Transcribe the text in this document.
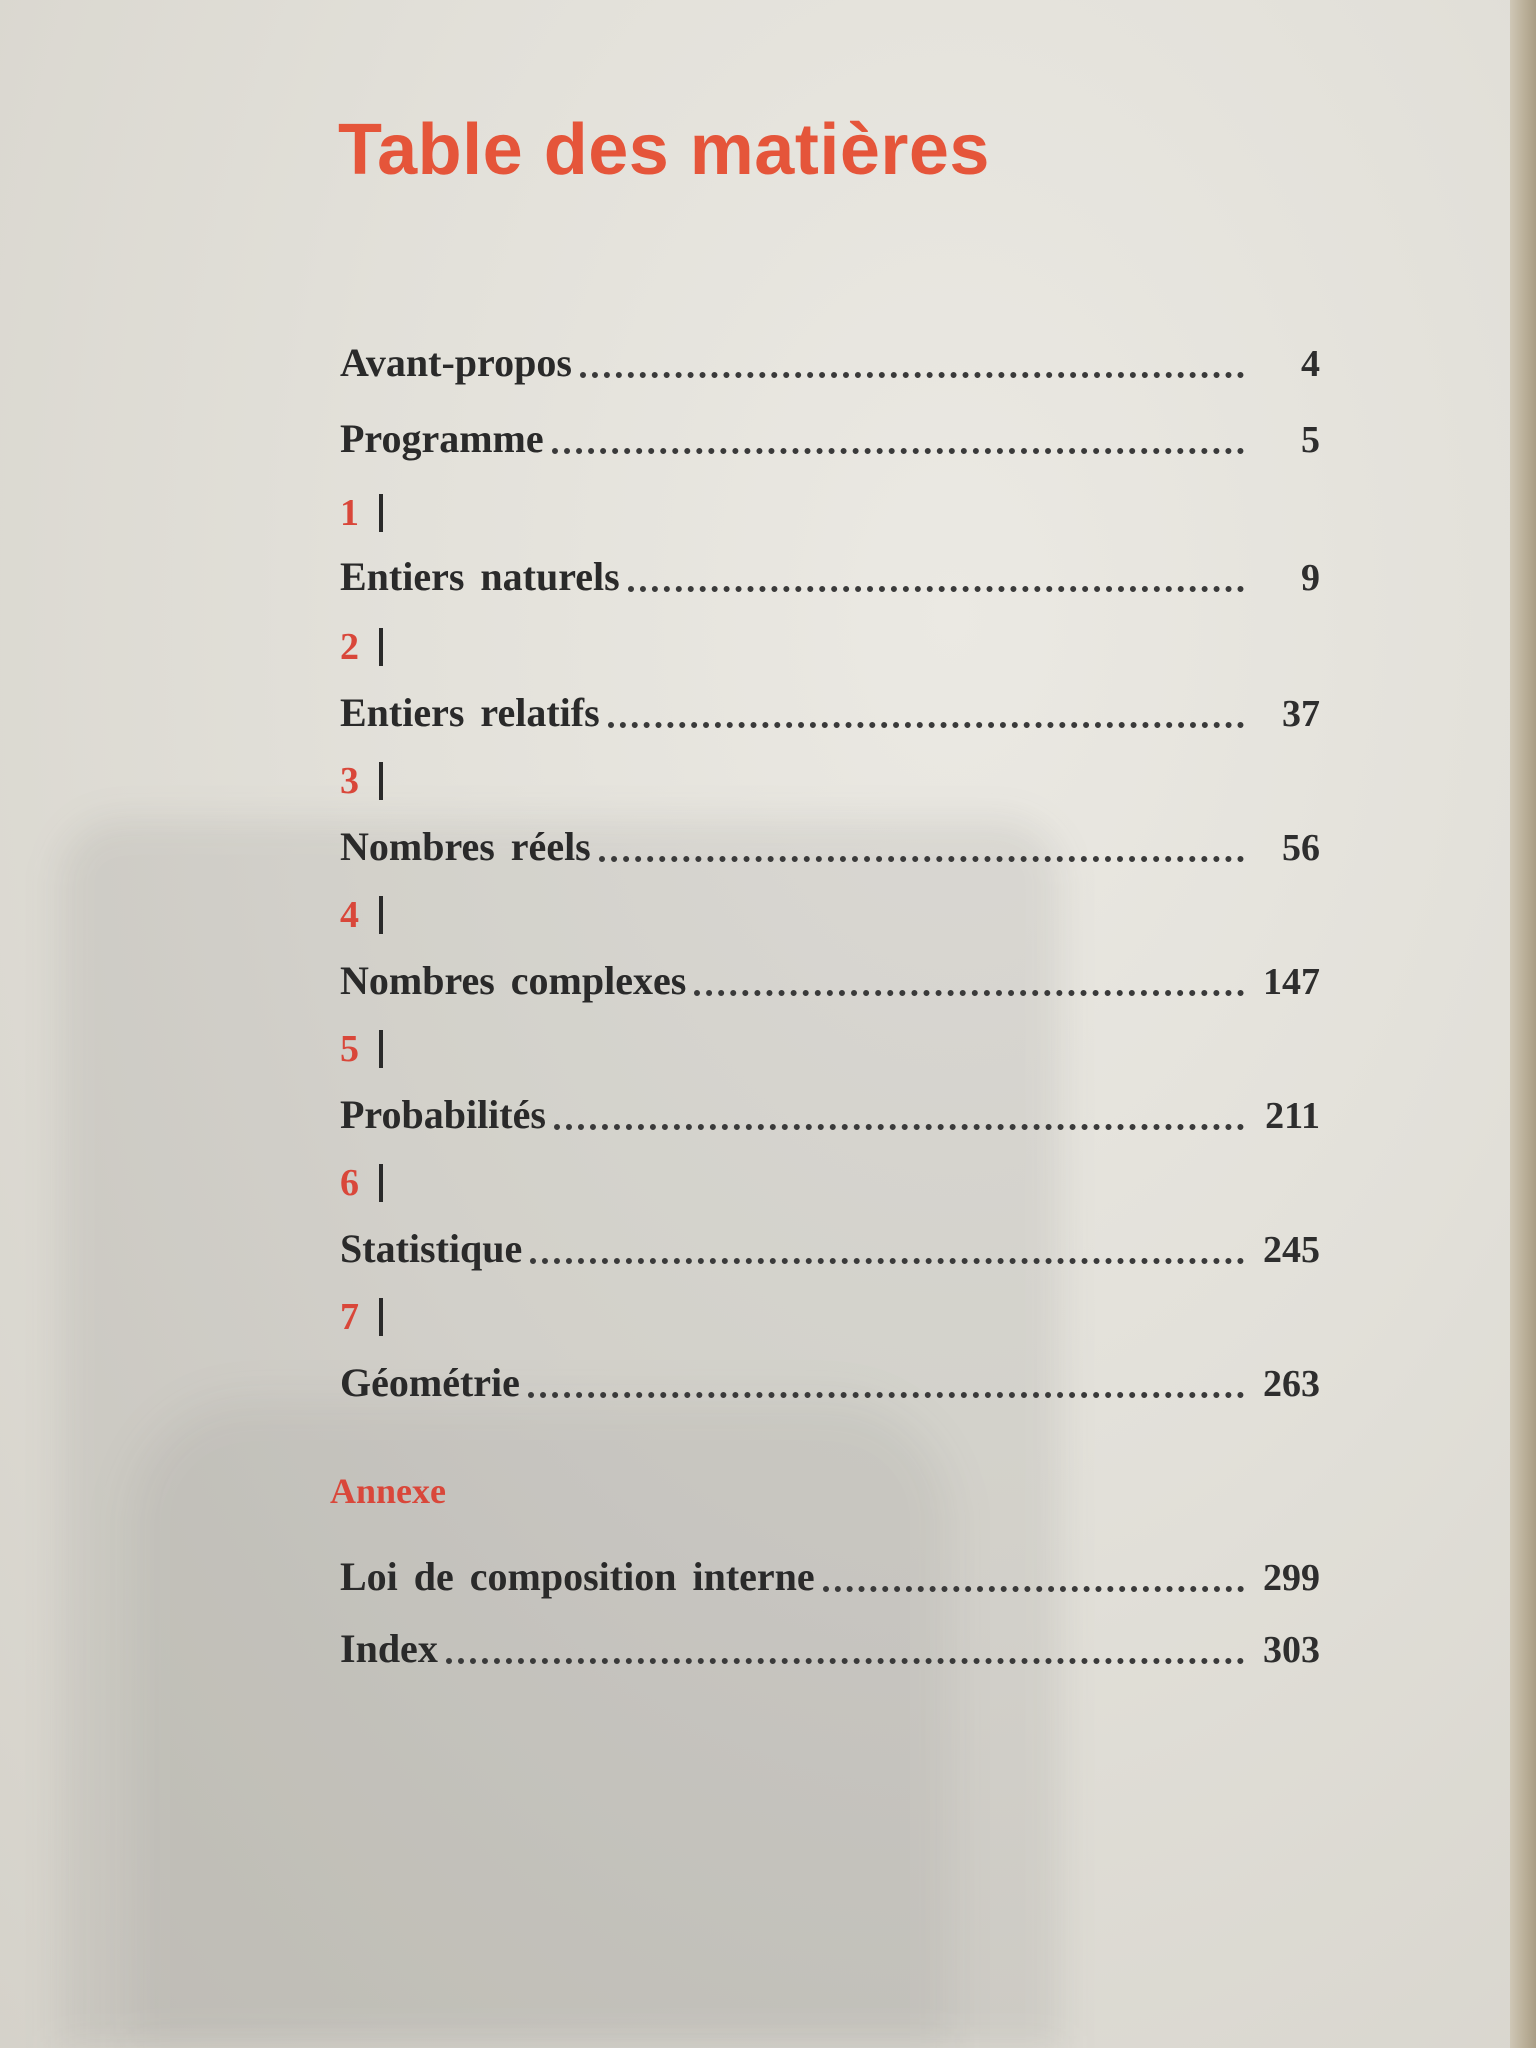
Table des matières
Avant-propos	4
Programme	5
1
Entiers naturels	9
2
Entiers relatifs	37
3
Nombres réels	56
4
Nombres complexes	147
5
Probabilités	211
6
Statistique	245
7
Géométrie	263

Annexe

Loi de composition interne	299
Index	303
